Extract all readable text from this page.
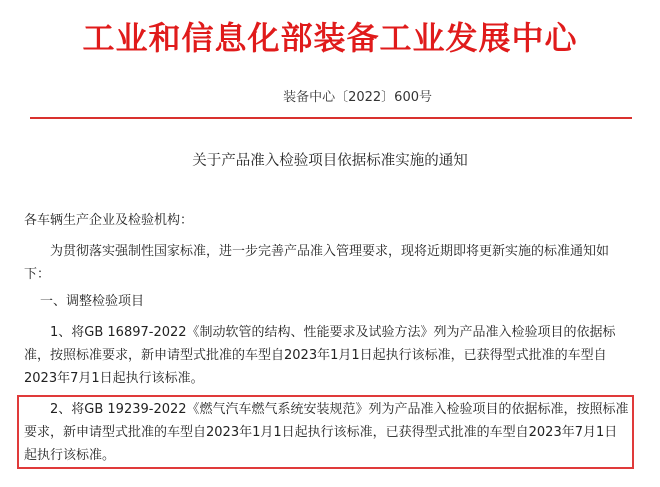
工业和信息化部装备工业发展中心
装备中心〔2022〕600号
关于产品准入检验项目依据标准实施的通知
各车辆生产企业及检验机构：
为贯彻落实强制性国家标准，进一步完善产品准入管理要求，现将近期即将更新实施的标准通知如下：
一、调整检验项目
1、将GB 16897-2022《制动软管的结构、性能要求及试验方法》列为产品准入检验项目的依据标准，按照标准要求，新申请型式批准的车型自2023年1月1日起执行该标准，已获得型式批准的车型自2023年7月1日起执行该标准。
2、将GB 19239-2022《燃气汽车燃气系统安装规范》列为产品准入检验项目的依据标准，按照标准要求，新申请型式批准的车型自2023年1月1日起执行该标准，已获得型式批准的车型自2023年7月1日起执行该标准。
